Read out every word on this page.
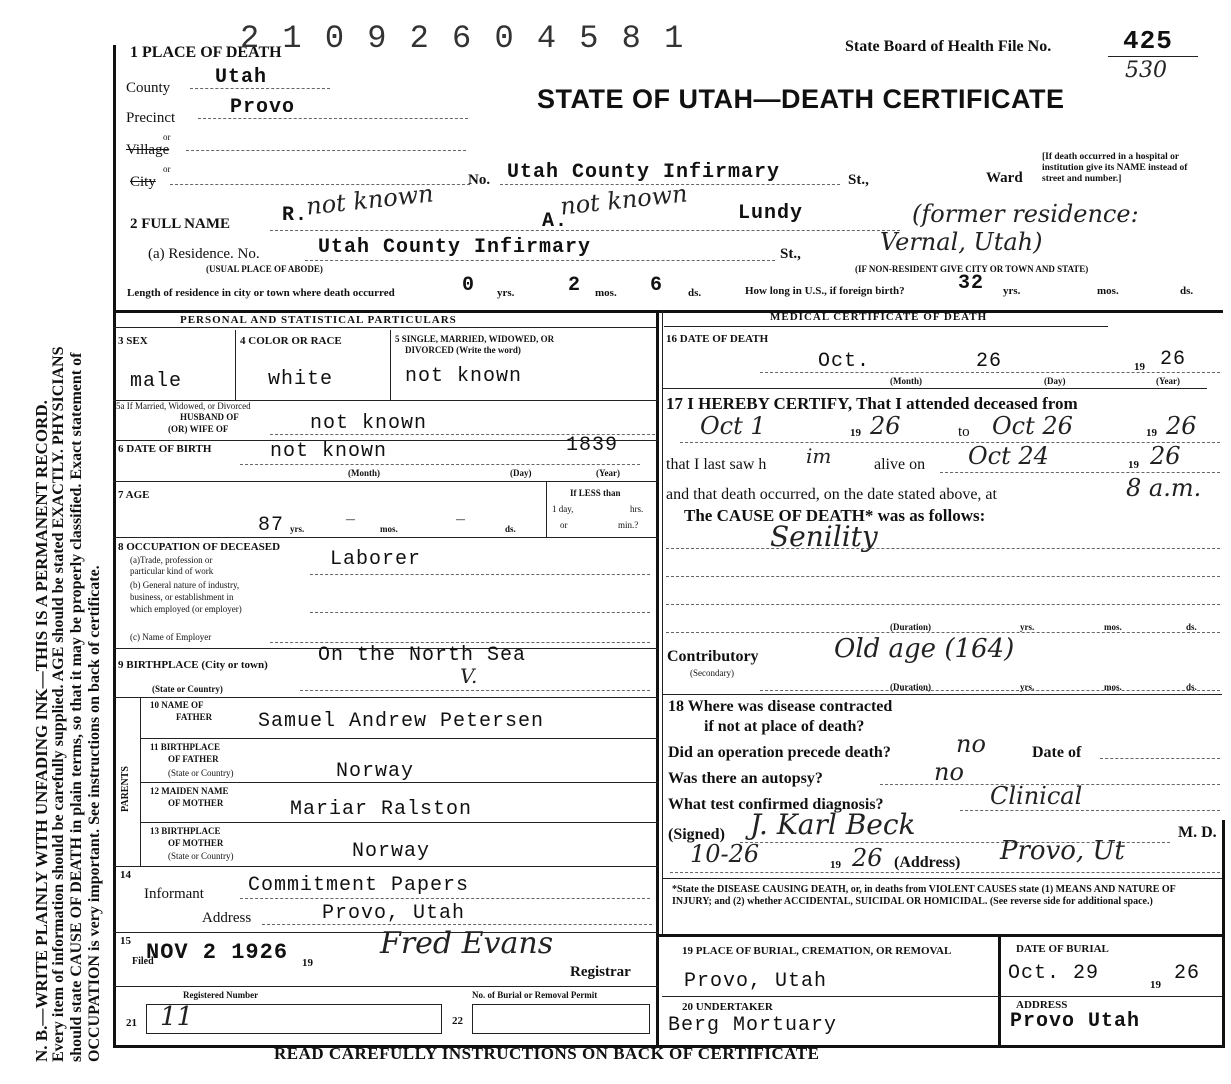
N. B.—WRITE PLAINLY WITH UNFADING INK—THIS IS A PERMANENT RECORD. Every item of information should be carefully supplied. AGE should be stated EXACTLY. PHYSICIANS should state CAUSE OF DEATH in plain terms, so that it may be properly classified. Exact statement of OCCUPATION is very important. See instructions on back of certificate.
1 PLACE OF DEATH
2 1 0 9 2 6 0 4 5 8 1	State Board of Health File No.	425
530
STATE OF UTAH—DEATH CERTIFICATE
County Utah
Precinct	Provo
or
Village
or
City	No. Utah County Infirmary	St.,	Ward
[If death occurred in a hospital or institution give its NAME instead of street and number.]
2 FULL NAME	R.
not known
A.
not known Lundy	(former residence:
(a) Residence. No.	Utah County Infirmary	St.,	Vernal, Utah)
(USUAL PLACE OF ABODE)	(IF NON-RESIDENT GIVE CITY OR TOWN AND STATE)
Length of residence in city or town where death occurred	0 yrs.	2 mos. 6 ds.	How long in U.S., if foreign birth?	32 yrs.	mos.	ds.
PERSONAL AND STATISTICAL PARTICULARS	MEDICAL CERTIFICATE OF DEATH
3 SEX
male
4 COLOR OR RACE
white
5 SINGLE, MARRIED, WIDOWED, OR
DIVORCED (Write the word)
not known
5a If Married, Widowed, or Divorced
HUSBAND OF
(OR) WIFE OF	not known
6 DATE OF BIRTH	not known	1839
(Month)	(Day)	(Year)
7 AGE
87 yrs.
—
mos.
—
ds.
If LESS than
1 day,	hrs.
or	min.?
8 OCCUPATION OF DECEASED
(a)Trade, profession or
particular kind of work
(b) General nature of industry,
business, or establishment in
which employed (or employer)
Laborer
(c) Name of Employer
9 BIRTHPLACE (City or town)	On the North Sea
(State or Country)
V.
PARENTS
10 NAME OF
FATHER Samuel Andrew Petersen
11 BIRTHPLACE
OF FATHER
(State or Country)	Norway
12 MAIDEN NAME
OF MOTHER	Mariar Ralston
13 BIRTHPLACE
OF MOTHER
(State or Country)	Norway
14
Informant Commitment Papers
Address	Provo, Utah
15
Filed
NOV 2 1926 19
Fred Evans
Registrar
Registered Number	No. of Burial or Removal Permit
21 11	22
16 DATE OF DEATH
Oct.	26	19 26
(Month)	(Day)	(Year)
17 I HEREBY CERTIFY, That I attended deceased from
Oct 1	19 26	to Oct 26	19 26
that I last saw h im	alive on Oct 24	19 26
and that death occurred, on the date stated above, at	8 a.m.
The CAUSE OF DEATH* was as follows:
Senility
(Duration)	yrs.	mos.	ds.
Contributory
(Secondary)
Old age (164)
(Duration)	yrs.	mos.	ds.
18 Where was disease contracted
if not at place of death?
Did an operation precede death?	no	Date of
Was there an autopsy?	no
What test confirmed diagnosis?	Clinical
(Signed) J. Karl Beck	M. D.
10-26	19 26 (Address) Provo, Ut
*State the DISEASE CAUSING DEATH, or, in deaths from VIOLENT CAUSES state (1) MEANS AND NATURE OF INJURY; and (2) whether ACCIDENTAL, SUICIDAL OR HOMICIDAL. (See reverse side for additional space.)
19 PLACE OF BURIAL, CREMATION, OR REMOVAL
Provo, Utah
DATE OF BURIAL
Oct. 29	19 26
20 UNDERTAKER
Berg Mortuary
ADDRESS
Provo Utah
READ CAREFULLY INSTRUCTIONS ON BACK OF CERTIFICATE
